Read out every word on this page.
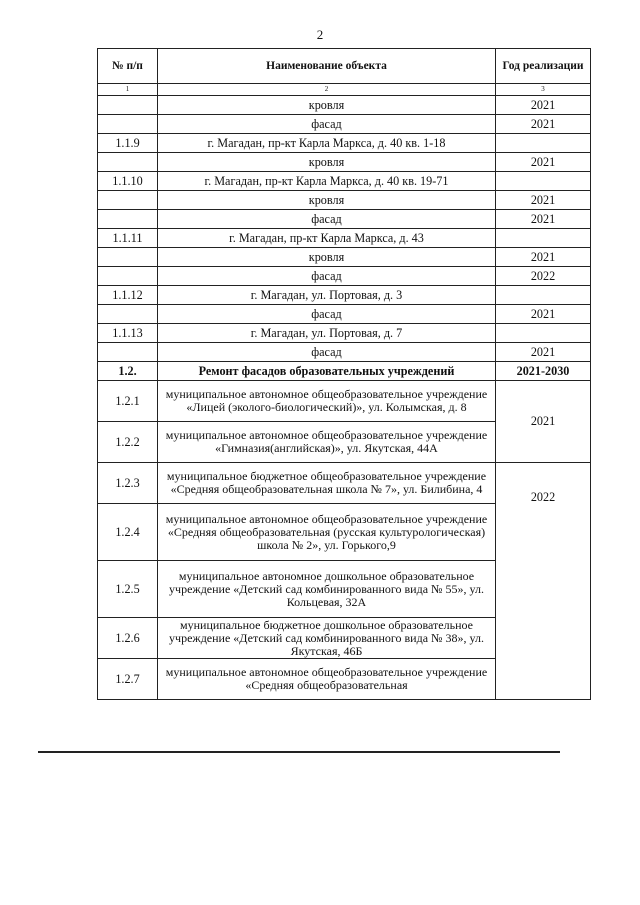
2
№ п/п	Наименование объекта	Год реализации
1	2	3
	кровля	2021
	фасад	2021
1.1.9	г. Магадан, пр-кт Карла Маркса, д. 40 кв. 1-18	
	кровля	2021
1.1.10	г. Магадан, пр-кт Карла Маркса, д. 40 кв. 19-71	
	кровля	2021
	фасад	2021
1.1.11	г. Магадан, пр-кт Карла Маркса, д. 43	
	кровля	2021
	фасад	2022
1.1.12	г. Магадан, ул. Портовая, д. 3	
	фасад	2021
1.1.13	г. Магадан, ул. Портовая, д. 7	
	фасад	2021
1.2.	Ремонт фасадов образовательных учреждений	2021-2030
1.2.1	муниципальное автономное общеобразовательное учреждение «Лицей (эколого-биологический)», ул. Колымская, д. 8	2021
1.2.2	муниципальное автономное общеобразовательное учреждение «Гимназия(английская)», ул. Якутская, 44А	
1.2.3	муниципальное бюджетное общеобразовательное учреждение «Средняя общеобразовательная школа № 7», ул. Билибина, 4	2022
1.2.4	муниципальное автономное общеобразовательное учреждение «Средняя общеобразовательная (русская культурологическая) школа № 2», ул. Горького,9	
1.2.5	муниципальное автономное дошкольное образовательное учреждение «Детский сад комбинированного вида № 55», ул. Кольцевая, 32А	
1.2.6	муниципальное бюджетное дошкольное образовательное учреждение «Детский сад комбинированного вида № 38», ул. Якутская, 46Б	
1.2.7	муниципальное автономное общеобразовательное учреждение «Средняя общеобразовательная	
